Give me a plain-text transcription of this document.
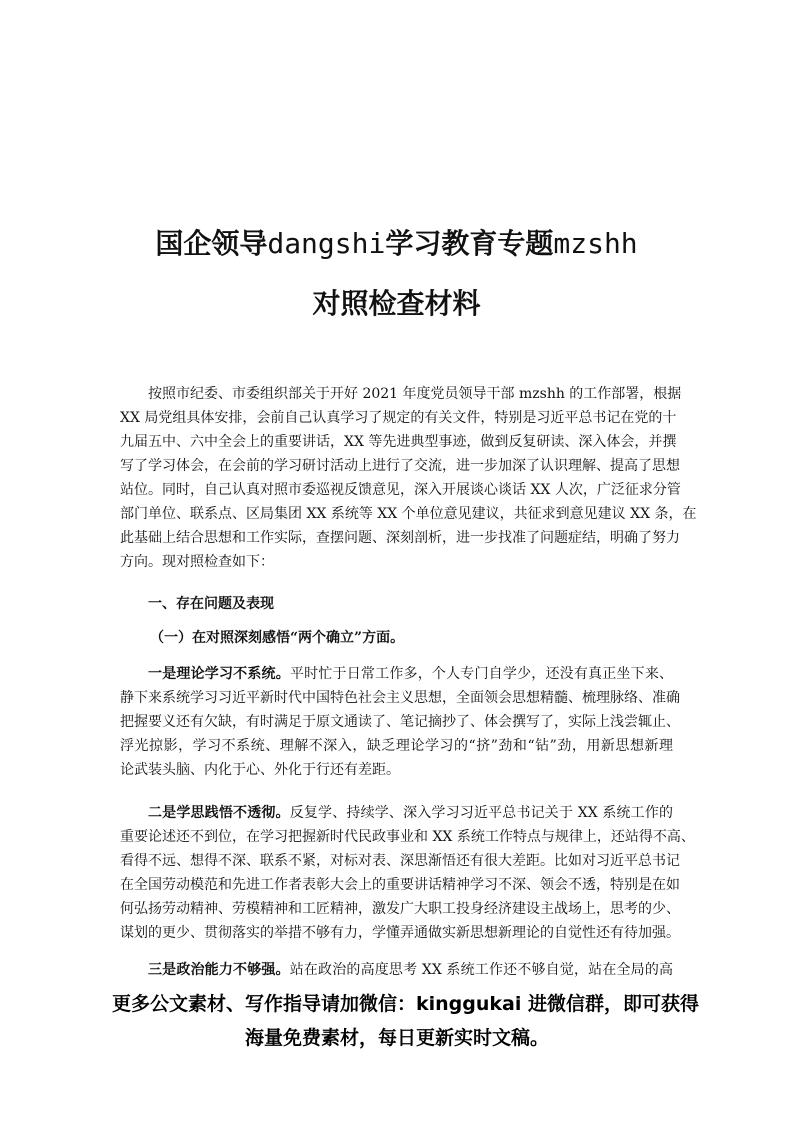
国企领导dangshi学习教育专题mzshh
对照检查材料
按照市纪委、市委组织部关于开好 2021 年度党员领导干部 mzshh 的工作部署，根据
XX 局党组具体安排，会前自己认真学习了规定的有关文件，特别是习近平总书记在党的十
九届五中、六中全会上的重要讲话，XX 等先进典型事迹，做到反复研读、深入体会，并撰
写了学习体会，在会前的学习研讨活动上进行了交流，进一步加深了认识理解、提高了思想
站位。同时，自己认真对照市委巡视反馈意见，深入开展谈心谈话 XX 人次，广泛征求分管
部门单位、联系点、区局集团 XX 系统等 XX 个单位意见建议，共征求到意见建议 XX 条，在
此基础上结合思想和工作实际，查摆问题、深刻剖析，进一步找准了问题症结，明确了努力
方向。现对照检查如下：
一、存在问题及表现
（一）在对照深刻感悟“两个确立”方面。
一是理论学习不系统。平时忙于日常工作多，个人专门自学少，还没有真正坐下来、
静下来系统学习习近平新时代中国特色社会主义思想，全面领会思想精髓、梳理脉络、准确
把握要义还有欠缺，有时满足于原文通读了、笔记摘抄了、体会撰写了，实际上浅尝辄止、
浮光掠影，学习不系统、理解不深入，缺乏理论学习的“挤”劲和“钻”劲，用新思想新理
论武装头脑、内化于心、外化于行还有差距。
二是学思践悟不透彻。反复学、持续学、深入学习习近平总书记关于 XX 系统工作的
重要论述还不到位，在学习把握新时代民政事业和 XX 系统工作特点与规律上，还站得不高、
看得不远、想得不深、联系不紧，对标对表、深思渐悟还有很大差距。比如对习近平总书记
在全国劳动模范和先进工作者表彰大会上的重要讲话精神学习不深、领会不透，特别是在如
何弘扬劳动精神、劳模精神和工匠精神，激发广大职工投身经济建设主战场上，思考的少、
谋划的更少、贯彻落实的举措不够有力，学懂弄通做实新思想新理论的自觉性还有待加强。
三是政治能力不够强。站在政治的高度思考 XX 系统工作还不够自觉，站在全局的高
更多公文素材、写作指导请加微信：kinggukai 进微信群，即可获得
海量免费素材，每日更新实时文稿。
